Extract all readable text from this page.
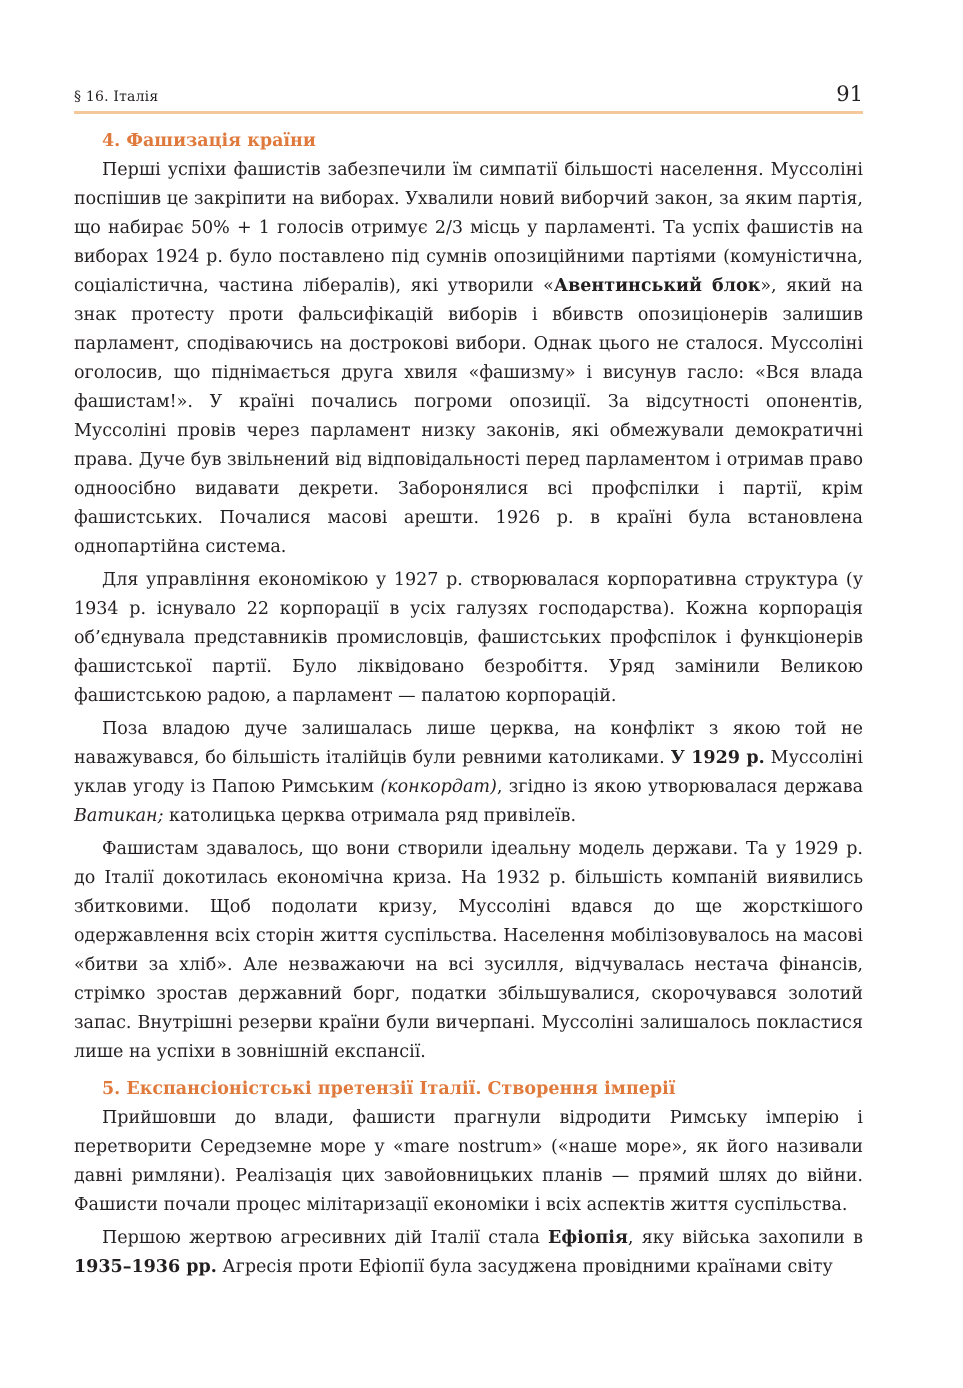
§ 16. Італія	91
4. Фашизація країни

Перші успіхи фашистів забезпечили їм симпатії більшості населення. Муссоліні поспішив це закріпити на виборах. Ухвалили новий виборчий закон, за яким партія, що набирає 50% + 1 голосів отримує 2/3 місць у парламенті. Та успіх фашистів на виборах 1924 р. було поставлено під сумнів опозиційними партіями (комуністична, соціалістична, частина лібералів), які утворили «Авентинський блок», який на знак протесту проти фальсифікацій виборів і вбивств опозиціонерів залишив парламент, сподіваючись на дострокові вибори. Однак цього не сталося. Муссоліні оголосив, що піднімається друга хвиля «фашизму» і висунув гасло: «Вся влада фашистам!». У країні почались погроми опозиції. За відсутності опонентів, Муссоліні провів через парламент низку законів, які обмежували демократичні права. Дуче був звільнений від відповідальності перед парламентом і отримав право одноосібно видавати декрети. Заборонялися всі профспілки і партії, крім фашистських. Почалися масові арешти. 1926 р. в країні була встановлена однопартійна система.

Для управління економікою у 1927 р. створювалася корпоративна структура (у 1934 р. існувало 22 корпорації в усіх галузях господарства). Кожна корпорація об’єднувала представників промисловців, фашистських профспілок і функціонерів фашистської партії. Було ліквідовано безробіття. Уряд замінили Великою фашистською радою, а парламент — палатою корпорацій.

Поза владою дуче залишалась лише церква, на конфлікт з якою той не наважувався, бо більшість італійців були ревними католиками. У 1929 р. Муссоліні уклав угоду із Папою Римським (конкордат), згідно із якою утворювалася держава Ватикан; католицька церква отримала ряд привілеїв.

Фашистам здавалось, що вони створили ідеальну модель держави. Та у 1929 р. до Італії докотилась економічна криза. На 1932 р. більшість компаній виявились збитковими. Щоб подолати кризу, Муссоліні вдався до ще жорсткішого одержавлення всіх сторін життя суспільства. Населення мобілізовувалось на масові «битви за хліб». Але незважаючи на всі зусилля, відчувалась нестача фінансів, стрімко зростав державний борг, податки збільшувалися, скорочувався золотий запас. Внутрішні резерви країни були вичерпані. Муссоліні залишалось покластися лише на успіхи в зовнішній експансії.

5. Експансіоністські претензії Італії. Створення імперії

Прийшовши до влади, фашисти прагнули відродити Римську імперію і перетворити Середземне море у «mare nostrum» («наше море», як його називали давні римляни). Реалізація цих завойовницьких планів — прямий шлях до війни. Фашисти почали процес мілітаризації економіки і всіх аспектів життя суспільства.

Першою жертвою агресивних дій Італії стала Ефіопія, яку війська захопили в 1935–1936 рр. Агресія проти Ефіопії була засуджена провідними країнами світу
